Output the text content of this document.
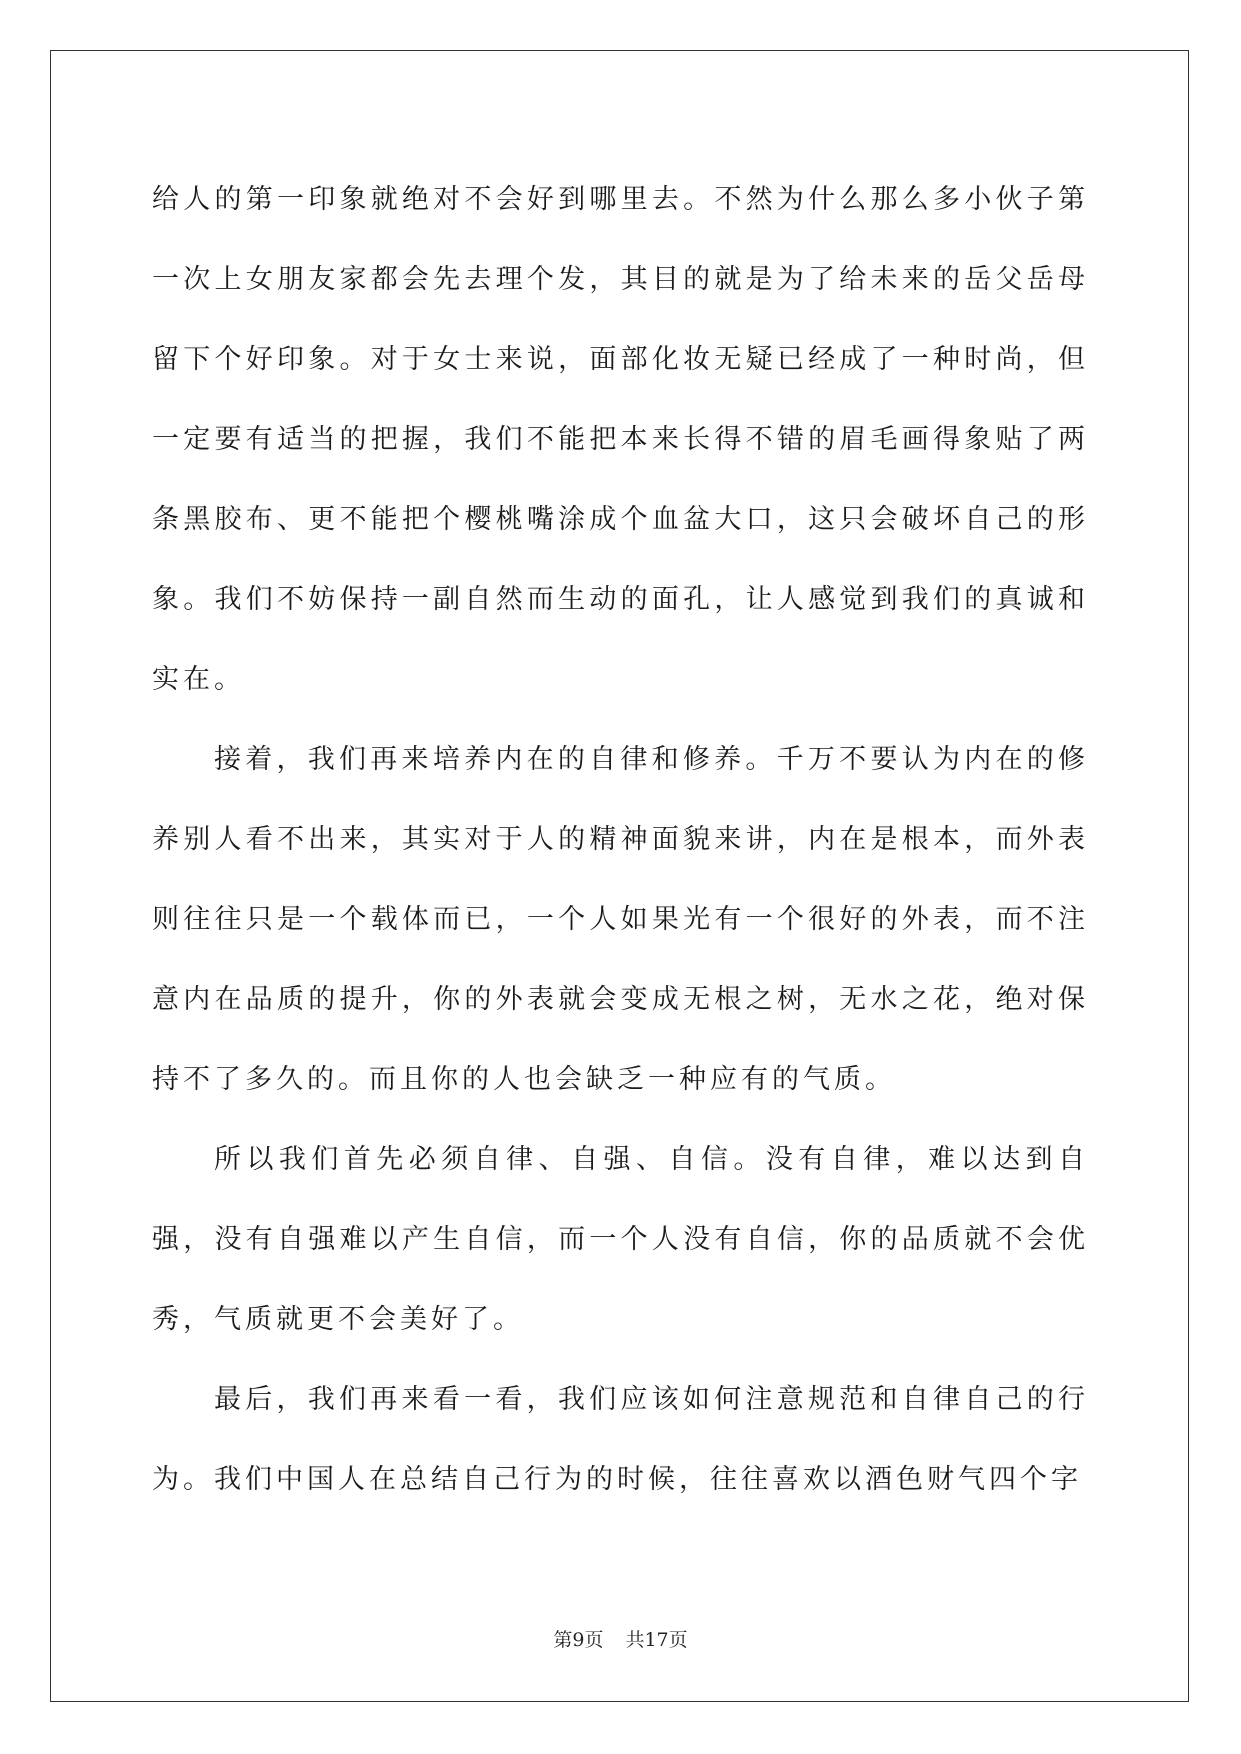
给人的第一印象就绝对不会好到哪里去。不然为什么那么多小伙子第一次上女朋友家都会先去理个发，其目的就是为了给未来的岳父岳母留下个好印象。对于女士来说，面部化妆无疑已经成了一种时尚，但一定要有适当的把握，我们不能把本来长得不错的眉毛画得象贴了两条黑胶布、更不能把个樱桃嘴涂成个血盆大口，这只会破坏自己的形象。我们不妨保持一副自然而生动的面孔，让人感觉到我们的真诚和实在。

接着，我们再来培养内在的自律和修养。千万不要认为内在的修养别人看不出来，其实对于人的精神面貌来讲，内在是根本，而外表则往往只是一个载体而已，一个人如果光有一个很好的外表，而不注意内在品质的提升，你的外表就会变成无根之树，无水之花，绝对保持不了多久的。而且你的人也会缺乏一种应有的气质。

所以我们首先必须自律、自强、自信。没有自律，难以达到自强，没有自强难以产生自信，而一个人没有自信，你的品质就不会优秀，气质就更不会美好了。

最后，我们再来看一看，我们应该如何注意规范和自律自己的行为。我们中国人在总结自己行为的时候，往往喜欢以酒色财气四个字

第9页 共17页
